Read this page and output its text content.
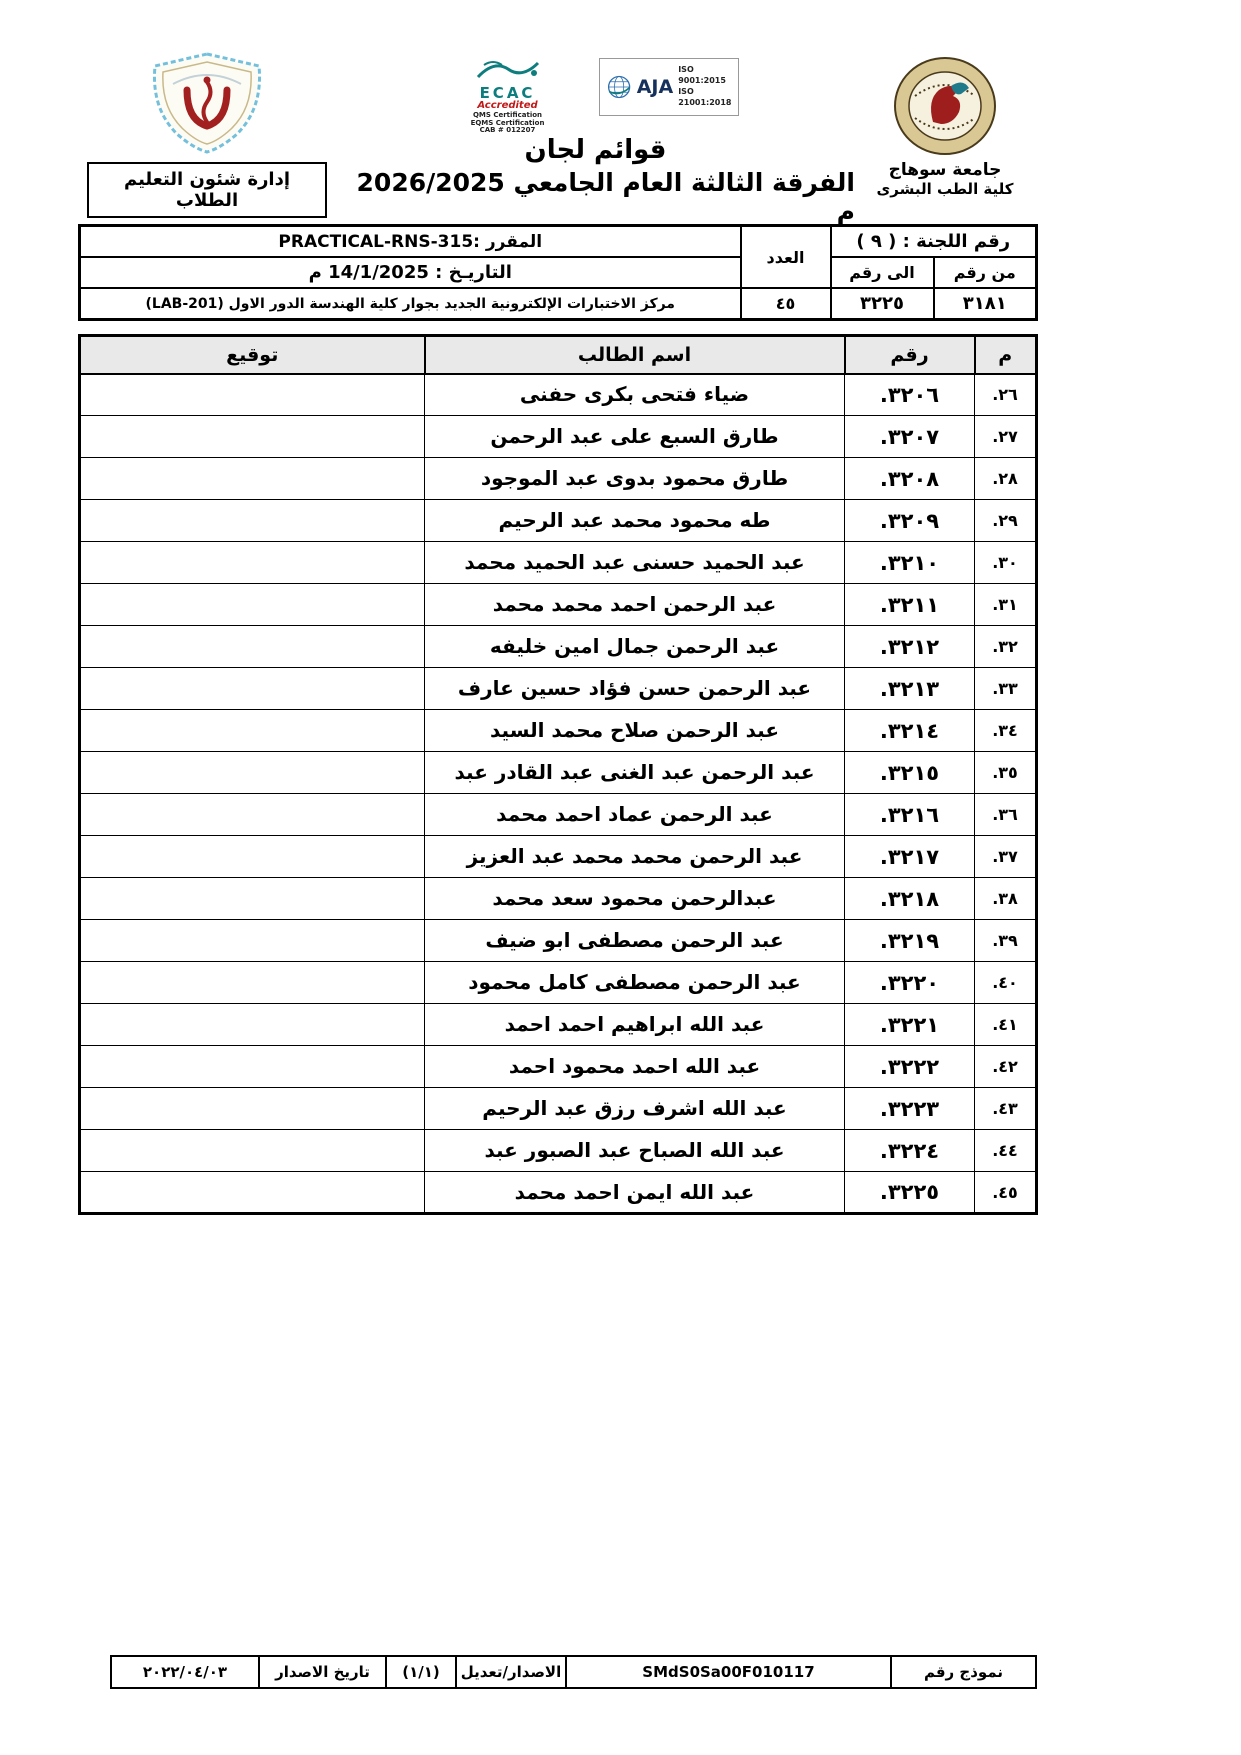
إدارة شئون التعليم الطلاب
ECAC
Accredited
QMS Certification
EQMS Certification
CAB # 012207
AJA
ISO 9001:2015
ISO 21001:2018
قوائم لجان
الفرقة الثالثة العام الجامعي 2026/2025 م
جامعة سوهاج
كلية الطب البشرى
رقم اللجنة : ( ٩ )		العدد	المقرر :PRACTICAL-RNS-315
من رقم	الى رقم		التاريـخ : 14/1/2025 م
٣١٨١	٣٢٢٥	٤٥	مركز الاختبارات الإلكترونية الجديد بجوار كلية الهندسة الدور الاول (LAB-201)
م	رقم	اسم الطالب	توقيع
٢٦.	٣٢٠٦.	ضياء فتحى بكرى حفنى	
٢٧.	٣٢٠٧.	طارق السبع على عبد الرحمن	
٢٨.	٣٢٠٨.	طارق محمود بدوى عبد الموجود	
٢٩.	٣٢٠٩.	طه محمود محمد عبد الرحيم	
٣٠.	٣٢١٠.	عبد الحميد حسنى عبد الحميد محمد	
٣١.	٣٢١١.	عبد الرحمن احمد محمد محمد	
٣٢.	٣٢١٢.	عبد الرحمن جمال امين خليفه	
٣٣.	٣٢١٣.	عبد الرحمن حسن فؤاد حسين عارف	
٣٤.	٣٢١٤.	عبد الرحمن صلاح محمد السيد	
٣٥.	٣٢١٥.	عبد الرحمن عبد الغنى عبد القادر عبد	
٣٦.	٣٢١٦.	عبد الرحمن عماد احمد محمد	
٣٧.	٣٢١٧.	عبد الرحمن محمد محمد عبد العزيز	
٣٨.	٣٢١٨.	عبدالرحمن محمود سعد محمد	
٣٩.	٣٢١٩.	عبد الرحمن مصطفى ابو ضيف	
٤٠.	٣٢٢٠.	عبد الرحمن مصطفى كامل محمود	
٤١.	٣٢٢١.	عبد الله ابراهيم احمد احمد	
٤٢.	٣٢٢٢.	عبد الله احمد محمود احمد	
٤٣.	٣٢٢٣.	عبد الله اشرف رزق عبد الرحيم	
٤٤.	٣٢٢٤.	عبد الله الصباح عبد الصبور عبد	
٤٥.	٣٢٢٥.	عبد الله ايمن احمد محمد	
نموذج رقم	SMdS0Sa00F010117	الاصدار/تعديل	(١/١)	تاريخ الاصدار	٢٠٢٢/٠٤/٠٣
